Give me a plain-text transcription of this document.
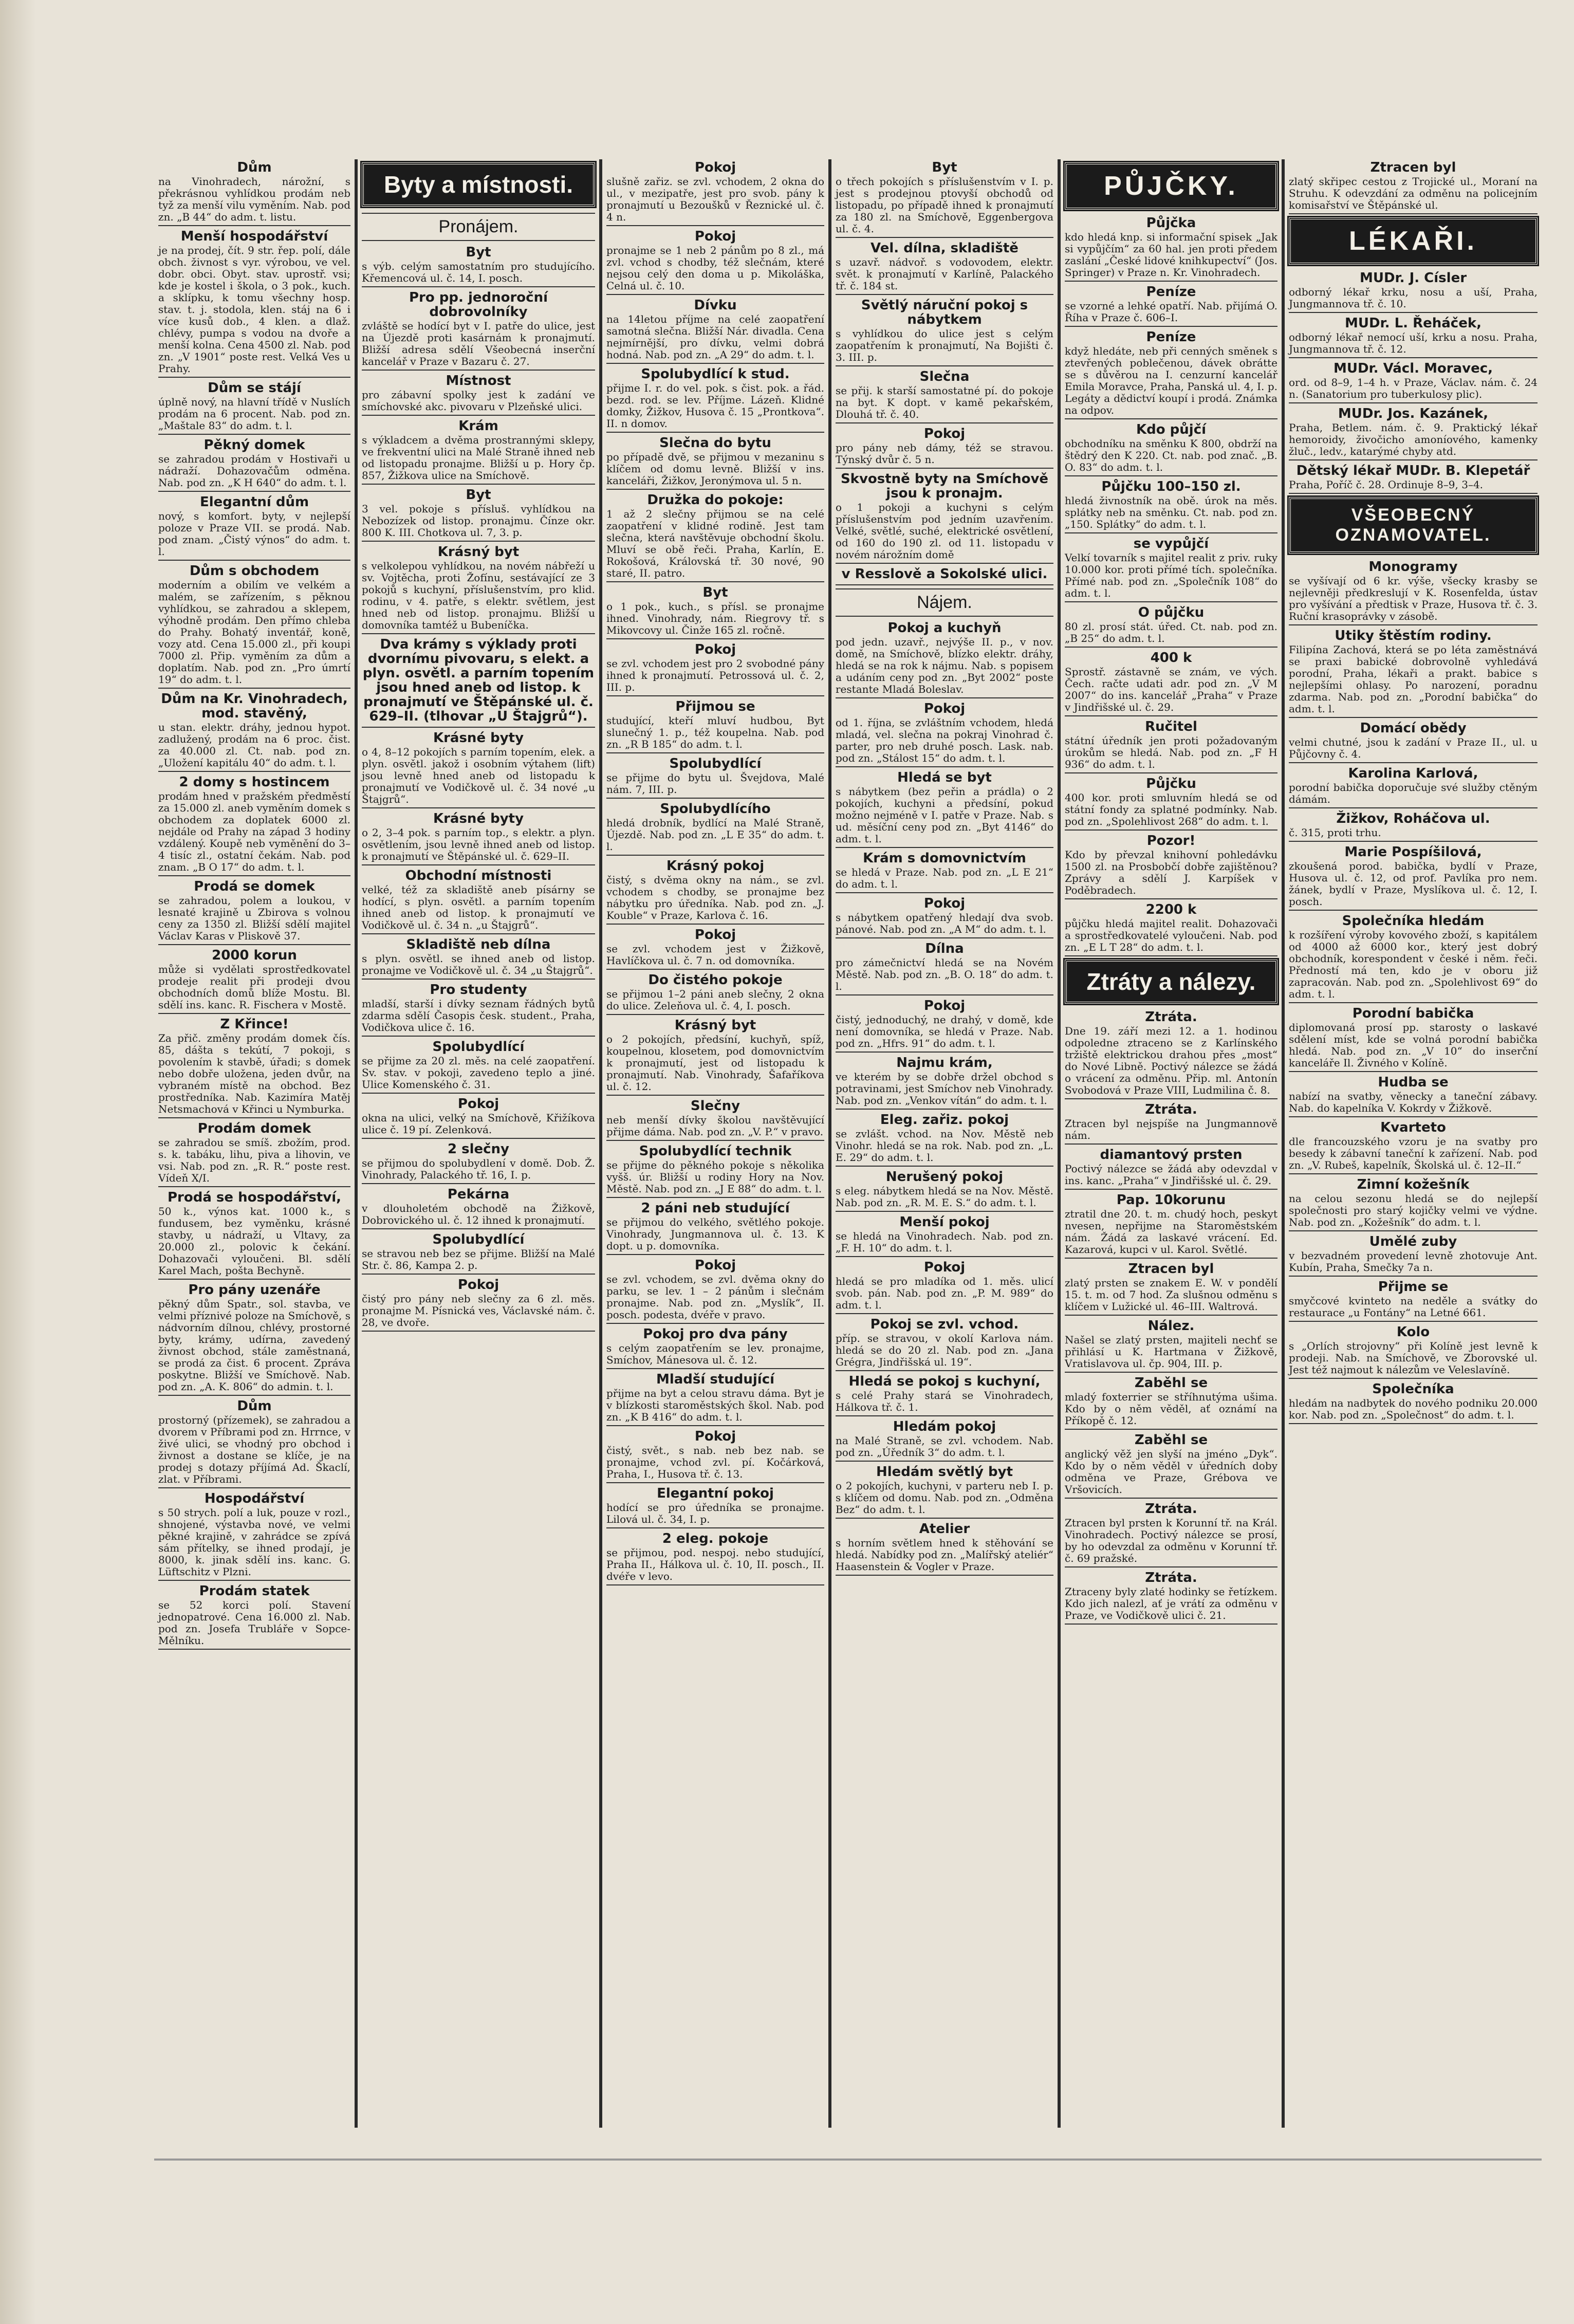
Dům

na Vinohradech, nárožní, s překrásnou vyhlídkou prodám neb tyž za menší vilu vyměním. Nab. pod zn. „B 44“ do adm. t. listu.

Menší hospodářství

je na prodej, čít. 9 str. řep. polí, dále obch. živnost s vyr. výrobou, ve vel. dobr. obci. Obyt. stav. uprostř. vsi; kde je kostel i škola, o 3 pok., kuch. a sklípku, k tomu všechny hosp. stav. t. j. stodola, klen. stáj na 6 i více kusů dob., 4 klen. a dlaž. chlévy, pumpa s vodou na dvoře a menší kolna. Cena 4500 zl. Nab. pod zn. „V 1901“ poste rest. Velká Ves u Prahy.

Dům se stájí

úplně nový, na hlavní třídě v Nuslích prodám na 6 procent. Nab. pod zn. „Maštale 83“ do adm. t. l.

Pěkný domek

se zahradou prodám v Hostivaři u nádraží. Dohazovačům odměna. Nab. pod zn. „K H 640“ do adm. t. l.

Elegantní dům

nový, s komfort. byty, v nejlepší poloze v Praze VII. se prodá. Nab. pod znam. „Čistý výnos“ do adm. t. l.

Dům s obchodem

moderním a obilím ve velkém a malém, se zařízením, s pěknou vyhlídkou, se zahradou a sklepem, výhodně prodám. Den přímo chleba do Prahy. Bohatý inventář, koně, vozy atd. Cena 15.000 zl., při koupi 7000 zl. Přip. vyměním za dům a doplatím. Nab. pod zn. „Pro úmrtí 19“ do adm. t. l.

Dům na Kr. Vinohradech, mod. stavěný,

u stan. elektr. dráhy, jednou hypot. zadlužený, prodám na 6 proc. čist. za 40.000 zl. Ct. nab. pod zn. „Uložení kapitálu 40“ do adm. t. l.

2 domy s hostincem

prodám hned v pražském předměstí za 15.000 zl. aneb vyměním domek s obchodem za doplatek 6000 zl. nejdále od Prahy na západ 3 hodiny vzdálený. Koupě neb vyměnění do 3–4 tisíc zl., ostatní čekám. Nab. pod znam. „B O 17“ do adm. t. l.

Prodá se domek

se zahradou, polem a loukou, v lesnaté krajině u Zbirova s volnou ceny za 1350 zl. Bližší sdělí majitel Václav Karas v Pliskově 37.

2000 korun

může si vydělati sprostředkovatel prodeje realit při prodeji dvou obchodních domů blíže Mostu. Bl. sdělí ins. kanc. R. Fischera v Mostě.

Z Křince!

Za přič. změny prodám domek čís. 85, dášta s tekútí, 7 pokoji, s povolením k stavbě, úřadi; s domek nebo dobře uložena, jeden dvůr, na vybraném místě na obchod. Bez prostředníka. Nab. Kazimíra Matěj Netsmachová v Křinci u Nymburka.

Prodám domek

se zahradou se smíš. zbožím, prod. s. k. tabáku, lihu, piva a lihovin, ve vsi. Nab. pod zn. „R. R.“ poste rest. Vídeň X/I.

Prodá se hospodářství,

50 k., výnos kat. 1000 k., s fundusem, bez vyměnku, krásné stavby, u nádraží, u Vltavy, za 20.000 zl., polovic k čekání. Dohazovači vyloučeni. Bl. sdělí Karel Mach, pošta Bechyně.

Pro pány uzenáře

pěkný dům Spatr., sol. stavba, ve velmi příznivé poloze na Smíchově, s nádvorním dílnou, chlévy, prostorné byty, krámy, udírna, zavedený živnost obchod, stále zaměstnaná, se prodá za čist. 6 procent. Zpráva poskytne. Bližší ve Smíchově. Nab. pod zn. „A. K. 806“ do admin. t. l.

Dům

prostorný (přízemek), se zahradou a dvorem v Příbrami pod zn. Hrrnce, v živé ulici, se vhodný pro obchod i živnost a dostane se klíče, je na prodej s dotazy příjímá Ad. Škaclí, zlat. v Příbrami.

Hospodářství

s 50 strych. polí a luk, pouze v rozl., shnojené, výstavba nové, ve velmi pěkné krajině, v zahrádce se zpívá sám přítelky, se ihned prodají, je 8000, k. jinak sdělí ins. kanc. G. Lüftschitz v Plzni.

Prodám statek

se 52 korci polí. Stavení jednopatrové. Cena 16.000 zl. Nab. pod zn. Josefa Trubláře v Sopce-Mělníku.

Byty a místnosti.
Pronájem.
Byt

s výb. celým samostatním pro studujícího. Křemencová ul. č. 14, I. posch.

Pro pp. jednoroční dobrovolníky

zvláště se hodící byt v I. patře do ulice, jest na Újezdě proti kasárnám k pronajmutí. Bližší adresa sdělí Všeobecná inserční kancelář v Praze v Bazaru č. 27.

Místnost

pro zábavní spolky jest k zadání ve smíchovské akc. pivovaru v Plzeňské ulici.

Krám

s výkladcem a dvěma prostrannými sklepy, ve frekventní ulici na Malé Straně ihned neb od listopadu pronajme. Bližší u p. Hory čp. 857, Žižkova ulice na Smíchově.

Byt

3 vel. pokoje s přísluš. vyhlídkou na Nebozízek od listop. pronajmu. Čínze okr. 800 K. III. Chotkova ul. 7, 3. p.

Krásný byt

s velkolepou vyhlídkou, na novém nábřeží u sv. Vojtěcha, proti Žofínu, sestávající ze 3 pokojů s kuchyní, příslušenstvím, pro klid. rodinu, v 4. patře, s elektr. světlem, jest hned neb od listop. pronajmu. Bližší u domovníka tamtéž u Bubeníčka.

Dva krámy s výklady proti dvornímu pivovaru, s elekt. a plyn. osvětl. a parním topením jsou hned aneb od listop. k pronajmutí ve Štěpánské ul. č. 629–II. (tlhovar „U Štajgrů“).
Krásné byty

o 4, 8–12 pokojích s parním topením, elek. a plyn. osvětl. jakož i osobním výtahem (lift) jsou levně hned aneb od listopadu k pronajmutí ve Vodičkově ul. č. 34 nové „u Štajgrů“.

Krásné byty

o 2, 3–4 pok. s parním top., s elektr. a plyn. osvětlením, jsou levně ihned aneb od listop. k pronajmutí ve Štěpánské ul. č. 629–II.

Obchodní místnosti

velké, též za skladiště aneb písárny se hodící, s plyn. osvětl. a parním topením ihned aneb od listop. k pronajmutí ve Vodičkově ul. č. 34 n. „u Štajgrů“.

Skladiště neb dílna

s plyn. osvětl. se ihned aneb od listop. pronajme ve Vodičkově ul. č. 34 „u Štajgrů“.

Pro studenty

mladší, starší i dívky seznam řádných bytů zdarma sdělí Časopis česk. student., Praha, Vodičkova ulice č. 16.

Spolubydlící

se přijme za 20 zl. měs. na celé zaopatření. Sv. stav. v pokoji, zavedeno teplo a jiné. Ulice Komenského č. 31.

Pokoj

okna na ulici, velký na Smíchově, Křižíkova ulice č. 19 pí. Zelenková.

2 slečny

se přijmou do spolubydlení v domě. Dob. Ž. Vinohrady, Palackého tř. 16, I. p.

Pekárna

v dlouholetém obchodě na Žižkově, Dobrovického ul. č. 12 ihned k pronajmutí.

Spolubydlící

se stravou neb bez se přijme. Bližší na Malé Str. č. 86, Kampa 2. p.

Pokoj

čistý pro pány neb slečny za 6 zl. měs. pronajme M. Písnická ves, Václavské nám. č. 28, ve dvoře.

Pokoj

slušně zařiz. se zvl. vchodem, 2 okna do ul., v mezipatře, jest pro svob. pány k pronajmutí u Bezoušků v Řeznické ul. č. 4 n.

Pokoj

pronajme se 1 neb 2 pánům po 8 zl., má zvl. vchod s chodby, též slečnám, které nejsou celý den doma u p. Mikoláška, Celná ul. č. 10.

Dívku

na 14letou příjme na celé zaopatření samotná slečna. Bližší Nár. divadla. Cena nejmírnější, pro dívku, velmi dobrá hodná. Nab. pod zn. „A 29“ do adm. t. l.

Spolubydlící k stud.

přijme I. r. do vel. pok. s čist. pok. a řád. bezd. rod. se lev. Příjme. Lázeň. Klidné domky, Žižkov, Husova č. 15 „Prontkova“. II. n domov.

Slečna do bytu

po případě dvě, se přijmou v mezaninu s klíčem od domu levně. Bližší v ins. kanceláři, Žižkov, Jeronýmova ul. 5 n.

Družka do pokoje:

1 až 2 slečny přijmou se na celé zaopatření v klidné rodině. Jest tam slečna, která navštěvuje obchodní školu. Mluví se obě řeči. Praha, Karlín, E. Rokošová, Královská tř. 30 nové, 90 staré, II. patro.

Byt

o 1 pok., kuch., s přísl. se pronajme ihned. Vinohrady, nám. Riegrovy tř. s Mikovcovy ul. Činže 165 zl. ročně.

Pokoj

se zvl. vchodem jest pro 2 svobodné pány ihned k pronajmutí. Petrossová ul. č. 2, III. p.

Přijmou se

studující, kteří mluví hudbou, Byt slunečný 1. p., též koupelna. Nab. pod zn. „R B 185“ do adm. t. l.

Spolubydlící

se přijme do bytu ul. Švejdova, Malé nám. 7, III. p.

Spolubydlícího

hledá drobník, bydlící na Malé Straně, Újezdě. Nab. pod zn. „L E 35“ do adm. t. l.

Krásný pokoj

čistý, s dvěma okny na nám., se zvl. vchodem s chodby, se pronajme bez nábytku pro úředníka. Nab. pod zn. „J. Kouble“ v Praze, Karlova č. 16.

Pokoj

se zvl. vchodem jest v Žižkově, Havlíčkova ul. č. 7 n. od domovníka.

Do čistého pokoje

se přijmou 1–2 páni aneb slečny, 2 okna do ulice. Zeleňova ul. č. 4, I. posch.

Krásný byt

o 2 pokojích, předsíní, kuchyň, spíž, koupelnou, klosetem, pod domovnictvím k pronajmutí, jest od listopadu k pronajmutí. Nab. Vinohrady, Šafaříkova ul. č. 12.

Slečny

neb menší dívky školou navštěvující přijme dáma. Nab. pod zn. „V. P.“ v pravo.

Spolubydlící technik

se přijme do pěkného pokoje s několika vyšš. úr. Bližší u rodiny Hory na Nov. Městě. Nab. pod zn. „J E 88“ do adm. t. l.

2 páni neb studující

se přijmou do velkého, světlého pokoje. Vinohrady, Jungmannova ul. č. 13. K dopt. u p. domovníka.

Pokoj

se zvl. vchodem, se zvl. dvěma okny do parku, se lev. 1 – 2 pánům i slečnám pronajme. Nab. pod zn. „Myslík“, II. posch. podesta, dvéře v pravo.

Pokoj pro dva pány

s celým zaopatřením se lev. pronajme, Smíchov, Mánesova ul. č. 12.

Mladší studující

přijme na byt a celou stravu dáma. Byt je v blízkosti staroměstských škol. Nab. pod zn. „K B 416“ do adm. t. l.

Pokoj

čistý, svět., s nab. neb bez nab. se pronajme, vchod zvl. pí. Kočárková, Praha, I., Husova tř. č. 13.

Elegantní pokoj

hodící se pro úředníka se pronajme. Lilová ul. č. 34, I. p.

2 eleg. pokoje

se přijmou, pod. nespoj. nebo studující, Praha II., Hálkova ul. č. 10, II. posch., II. dvéře v levo.

Byt

o třech pokojích s příslušenstvím v I. p. jest s prodejnou ptovyší obchodů od listopadu, po případě ihned k pronajmutí za 180 zl. na Smíchově, Eggenbergova ul. č. 4.

Vel. dílna, skladiště

s uzavř. nádvoř. s vodovodem, elektr. svět. k pronajmutí v Karlíně, Palackého tř. č. 184 st.

Světlý náruční pokoj s nábytkem

s vyhlídkou do ulice jest s celým zaopatřením k pronajmutí, Na Bojišti č. 3. III. p.

Slečna

se přij. k starší samostatné pí. do pokoje na byt. K dopt. v kamě pekařském, Dlouhá tř. č. 40.

Pokoj

pro pány neb dámy, též se stravou. Týnský dvůr č. 5 n.

Skvostně byty na Smíchově jsou k pronajm.

o 1 pokoji a kuchyni s celým příslušenstvím pod jedním uzavřením. Velké, světlé, suché, elektrické osvětlení, od 160 do 190 zl. od 11. listopadu v novém nárožním domě

v Resslově a Sokolské ulici.
Nájem.
Pokoj a kuchyň

pod jedn. uzavř., nejvýše II. p., v nov. domě, na Smíchově, blízko elektr. dráhy, hledá se na rok k nájmu. Nab. s popisem a udáním ceny pod zn. „Byt 2002“ poste restante Mladá Boleslav.

Pokoj

od 1. října, se zvláštním vchodem, hledá mladá, vel. slečna na pokraj Vinohrad č. parter, pro neb druhé posch. Lask. nab. pod zn. „Stálost 15“ do adm. t. l.

Hledá se byt

s nábytkem (bez peřin a prádla) o 2 pokojích, kuchyni a předsíní, pokud možno nejméně v I. patře v Praze. Nab. s ud. měsíční ceny pod zn. „Byt 4146“ do adm. t. l.

Krám s domovnictvím

se hledá v Praze. Nab. pod zn. „L E 21“ do adm. t. l.

Pokoj

s nábytkem opatřený hledají dva svob. pánové. Nab. pod zn. „A M“ do adm. t. l.

Dílna

pro zámečnictví hledá se na Novém Městě. Nab. pod zn. „B. O. 18“ do adm. t. l.

Pokoj

čistý, jednoduchý, ne drahý, v domě, kde není domovníka, se hledá v Praze. Nab. pod zn. „Hfrs. 91“ do adm. t. l.

Najmu krám,

ve kterém by se dobře držel obchod s potravinami, jest Smíchov neb Vinohrady. Nab. pod zn. „Venkov vítán“ do adm. t. l.

Eleg. zařiz. pokoj

se zvlášt. vchod. na Nov. Městě neb Vinohr. hledá se na rok. Nab. pod zn. „L. E. 29“ do adm. t. l.

Nerušený pokoj

s eleg. nábytkem hledá se na Nov. Městě. Nab. pod zn. „R. M. E. S.“ do adm. t. l.

Menší pokoj

se hledá na Vinohradech. Nab. pod zn. „F. H. 10“ do adm. t. l.

Pokoj

hledá se pro mladíka od 1. měs. ulicí svob. pán. Nab. pod zn. „P. M. 989“ do adm. t. l.

Pokoj se zvl. vchod.

příp. se stravou, v okolí Karlova nám. hledá se do 20 zl. Nab. pod zn. „Jana Grégra, Jindřišská ul. 19“.

Hledá se pokoj s kuchyní,

s celé Prahy stará se Vinohradech, Hálkova tř. č. 1.

Hledám pokoj

na Malé Straně, se zvl. vchodem. Nab. pod zn. „Úředník 3“ do adm. t. l.

Hledám světlý byt

o 2 pokojích, kuchyni, v parteru neb I. p. s klíčem od domu. Nab. pod zn. „Odměna Bez“ do adm. t. l.

Atelier

s horním světlem hned k stěhování se hledá. Nabídky pod zn. „Malířský ateliér“ Haasenstein & Vogler v Praze.

PŮJČKY.
Půjčka

kdo hledá knp. si informační spisek „Jak si vypůjčím“ za 60 hal. jen proti předem zaslání „České lidové knihkupectví“ (Jos. Springer) v Praze n. Kr. Vinohradech.

Peníze

se vzorné a lehké opatří. Nab. přijímá O. Říha v Praze č. 606–I.

Peníze

když hledáte, neb při cenných směnek s ztevřených poblečenou, dávek obrátte se s důvěrou na I. cenzurní kancelář Emila Moravce, Praha, Panská ul. 4, I. p. Legáty a dědictví koupí i prodá. Známka na odpov.

Kdo půjčí

obchodníku na směnku K 800, obdrží na štědrý den K 220. Ct. nab. pod znač. „B. O. 83“ do adm. t. l.

Půjčku 100–150 zl.

hledá živnostník na obě. úrok na měs. splátky neb na směnku. Ct. nab. pod zn. „150. Splátky“ do adm. t. l.

se vypůjčí

Velkí tovarník s majitel realit z priv. ruky 10.000 kor. proti přímé tích. společníka. Přímé nab. pod zn. „Společník 108“ do adm. t. l.

O půjčku

80 zl. prosí stát. úřed. Ct. nab. pod zn. „B 25“ do adm. t. l.

400 k

Sprostř. zástavně se znám, ve vých. Čech. račte udati adr. pod zn. „V M 2007“ do ins. kancelář „Praha“ v Praze v Jindřišské ul. č. 29.

Ručitel

státní úředník jen proti požadovaným úrokům se hledá. Nab. pod zn. „F H 936“ do adm. t. l.

Půjčku

400 kor. proti smluvním hledá se od státní fondy za splatné podmínky. Nab. pod zn. „Spolehlivost 268“ do adm. t. l.

Pozor!

Kdo by převzal knihovní pohledávku 1500 zl. na Prosbobčí dobře zajištěnou? Zprávy a sdělí J. Karpíšek v Poděbradech.

2200 k

půjčku hledá majitel realit. Dohazovači a sprostředkovatelé vyloučeni. Nab. pod zn. „E L T 28“ do adm. t. l.

Ztráty a nálezy.
Ztráta.

Dne 19. září mezi 12. a 1. hodinou odpoledne ztraceno se z Karlínského tržiště elektrickou drahou přes „most“ do Nové Libně. Poctivý nálezce se žádá o vrácení za odměnu. Přip. ml. Antonín Svobodová v Praze VIII, Ludmilina č. 8.

Ztráta.

Ztracen byl nejspíše na Jungmannově nám.

diamantový prsten

Poctivý nálezce se žádá aby odevzdal v ins. kanc. „Praha“ v Jindřišské ul. č. 29.

Pap. 10korunu

ztratil dne 20. t. m. chudý hoch, peskyt nvesen, nepřijme na Staroměstském nám. Žádá za laskavé vrácení. Ed. Kazarová, kupci v ul. Karol. Světlé.

Ztracen byl

zlatý prsten se znakem E. W. v pondělí 15. t. m. od 7 hod. Za slušnou odměnu s klíčem v Lužické ul. 46–III. Waltrová.

Nález.

Našel se zlatý prsten, majiteli nechť se přihlásí u K. Hartmana v Žižkově, Vratislavova ul. čp. 904, III. p.

Zaběhl se

mladý foxterrier se stříhnutýma ušima. Kdo by o něm věděl, ať oznámí na Příkopě č. 12.

Zaběhl se

anglický věž jen slyší na jméno „Dyk“. Kdo by o něm věděl v úředních doby odměna ve Praze, Grébova ve Vršovicích.

Ztráta.

Ztracen byl prsten k Korunní tř. na Král. Vinohradech. Poctivý nálezce se prosí, by ho odevzdal za odměnu v Korunní tř. č. 69 pražské.

Ztráta.

Ztraceny byly zlaté hodinky se řetízkem. Kdo jich nalezl, ať je vrátí za odměnu v Praze, ve Vodičkově ulici č. 21.

Ztracen byl

zlatý skřipec cestou z Trojické ul., Moraní na Struhu. K odevzdání za odměnu na policejním komisařství ve Štěpánské ul.

LÉKAŘI.
MUDr. J. Císler

odborný lékař krku, nosu a uší, Praha, Jungmannova tř. č. 10.

MUDr. L. Řeháček,

odborný lékař nemocí uší, krku a nosu. Praha, Jungmannova tř. č. 12.

MUDr. Václ. Moravec,

ord. od 8–9, 1–4 h. v Praze, Václav. nám. č. 24 n. (Sanatorium pro tuberkulosy plic).

MUDr. Jos. Kazánek,

Praha, Betlem. nám. č. 9. Praktický lékař hemoroidy, živočicho amoníového, kamenky žluč., ledv., katarýmé chyby atd.

Dětský lékař MUDr. B. Klepetář

Praha, Poříč č. 28. Ordinuje 8–9, 3–4.

VŠEOBECNÝ OZNAMOVATEL.
Monogramy

se vyšívají od 6 kr. výše, všecky krasby se nejlevněji předkreslují v K. Rosenfelda, ústav pro vyšívání a předtisk v Praze, Husova tř. č. 3. Ruční krasoprávky v zásobě.

Utiky štěstím rodiny.

Filipína Zachová, která se po léta zaměstnává se praxi babické dobrovolně vyhledává porodní, Praha, lékaři a prakt. babice s nejlepšími ohlasy. Po narození, poradnu zdarma. Nab. pod zn. „Porodní babička“ do adm. t. l.

Domácí obědy

velmi chutné, jsou k zadání v Praze II., ul. u Půjčovny č. 4.

Karolina Karlová,

porodní babička doporučuje své služby ctěným dámám.

Žižkov, Roháčova ul.

č. 315, proti trhu.

Marie Pospíšilová,

zkoušená porod. babička, bydlí v Praze, Husova ul. č. 12, od prof. Pavlíka pro nem. žánek, bydlí v Praze, Myslíkova ul. č. 12, I. posch.

Společníka hledám

k rozšíření výroby kovového zboží, s kapitálem od 4000 až 6000 kor., který jest dobrý obchodník, korespondent v české i něm. řeči. Předností má ten, kdo je v oboru již zapracován. Nab. pod zn. „Spolehlivost 69“ do adm. t. l.

Porodní babička

diplomovaná prosí pp. starosty o laskavé sdělení míst, kde se volná porodní babička hledá. Nab. pod zn. „V 10“ do inserční kanceláře Il. Živného v Kolíně.

Hudba se

nabízí na svatby, věnecky a taneční zábavy. Nab. do kapelníka V. Kokrdy v Žižkově.

Kvarteto

dle francouzského vzoru je na svatby pro besedy k zábavní taneční k zařízení. Nab. pod zn. „V. Rubeš, kapelník, Školská ul. č. 12–II.“

Zimní kožešník

na celou sezonu hledá se do nejlepší společnosti pro starý kojičky velmi ve výdne. Nab. pod zn. „Kožešník“ do adm. t. l.

Umělé zuby

v bezvadném provedení levně zhotovuje Ant. Kubín, Praha, Smečky 7a n.

Přijme se

smyčcové kvinteto na neděle a svátky do restaurace „u Fontány“ na Letné 661.

Kolo

s „Orlích strojovny“ při Kolíně jest levně k prodeji. Nab. na Smíchově, ve Zborovské ul. Jest též najmout k nálezům ve Veleslavíně.

Společníka

hledám na nadbytek do nového podniku 20.000 kor. Nab. pod zn. „Společnost“ do adm. t. l.
